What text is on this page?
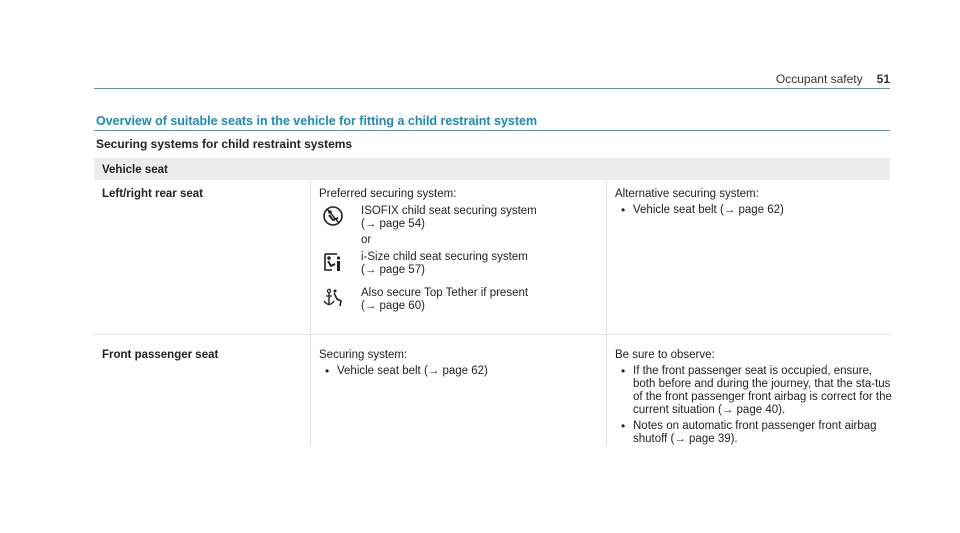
Occupant safety 51
Overview of suitable seats in the vehicle for fitting a child restraint system
Securing systems for child restraint systems
Vehicle seat
Left/right rear seat	Preferred securing system:
ISOFIX child seat securing system
(→ page 54)
or
i-Size child seat securing system
(→ page 57)
Also secure Top Tether if present
(→ page 60)
Alternative securing system:
• Vehicle seat belt (→ page 62)
Front passenger seat	Securing system:
• Vehicle seat belt (→ page 62)
Be sure to observe:
• If the front passenger seat is occupied, ensure, both before and during the journey, that the sta-tus of the front passenger front airbag is correct for the current situation (→ page 40).
• Notes on automatic front passenger front airbag shutoff (→ page 39).
